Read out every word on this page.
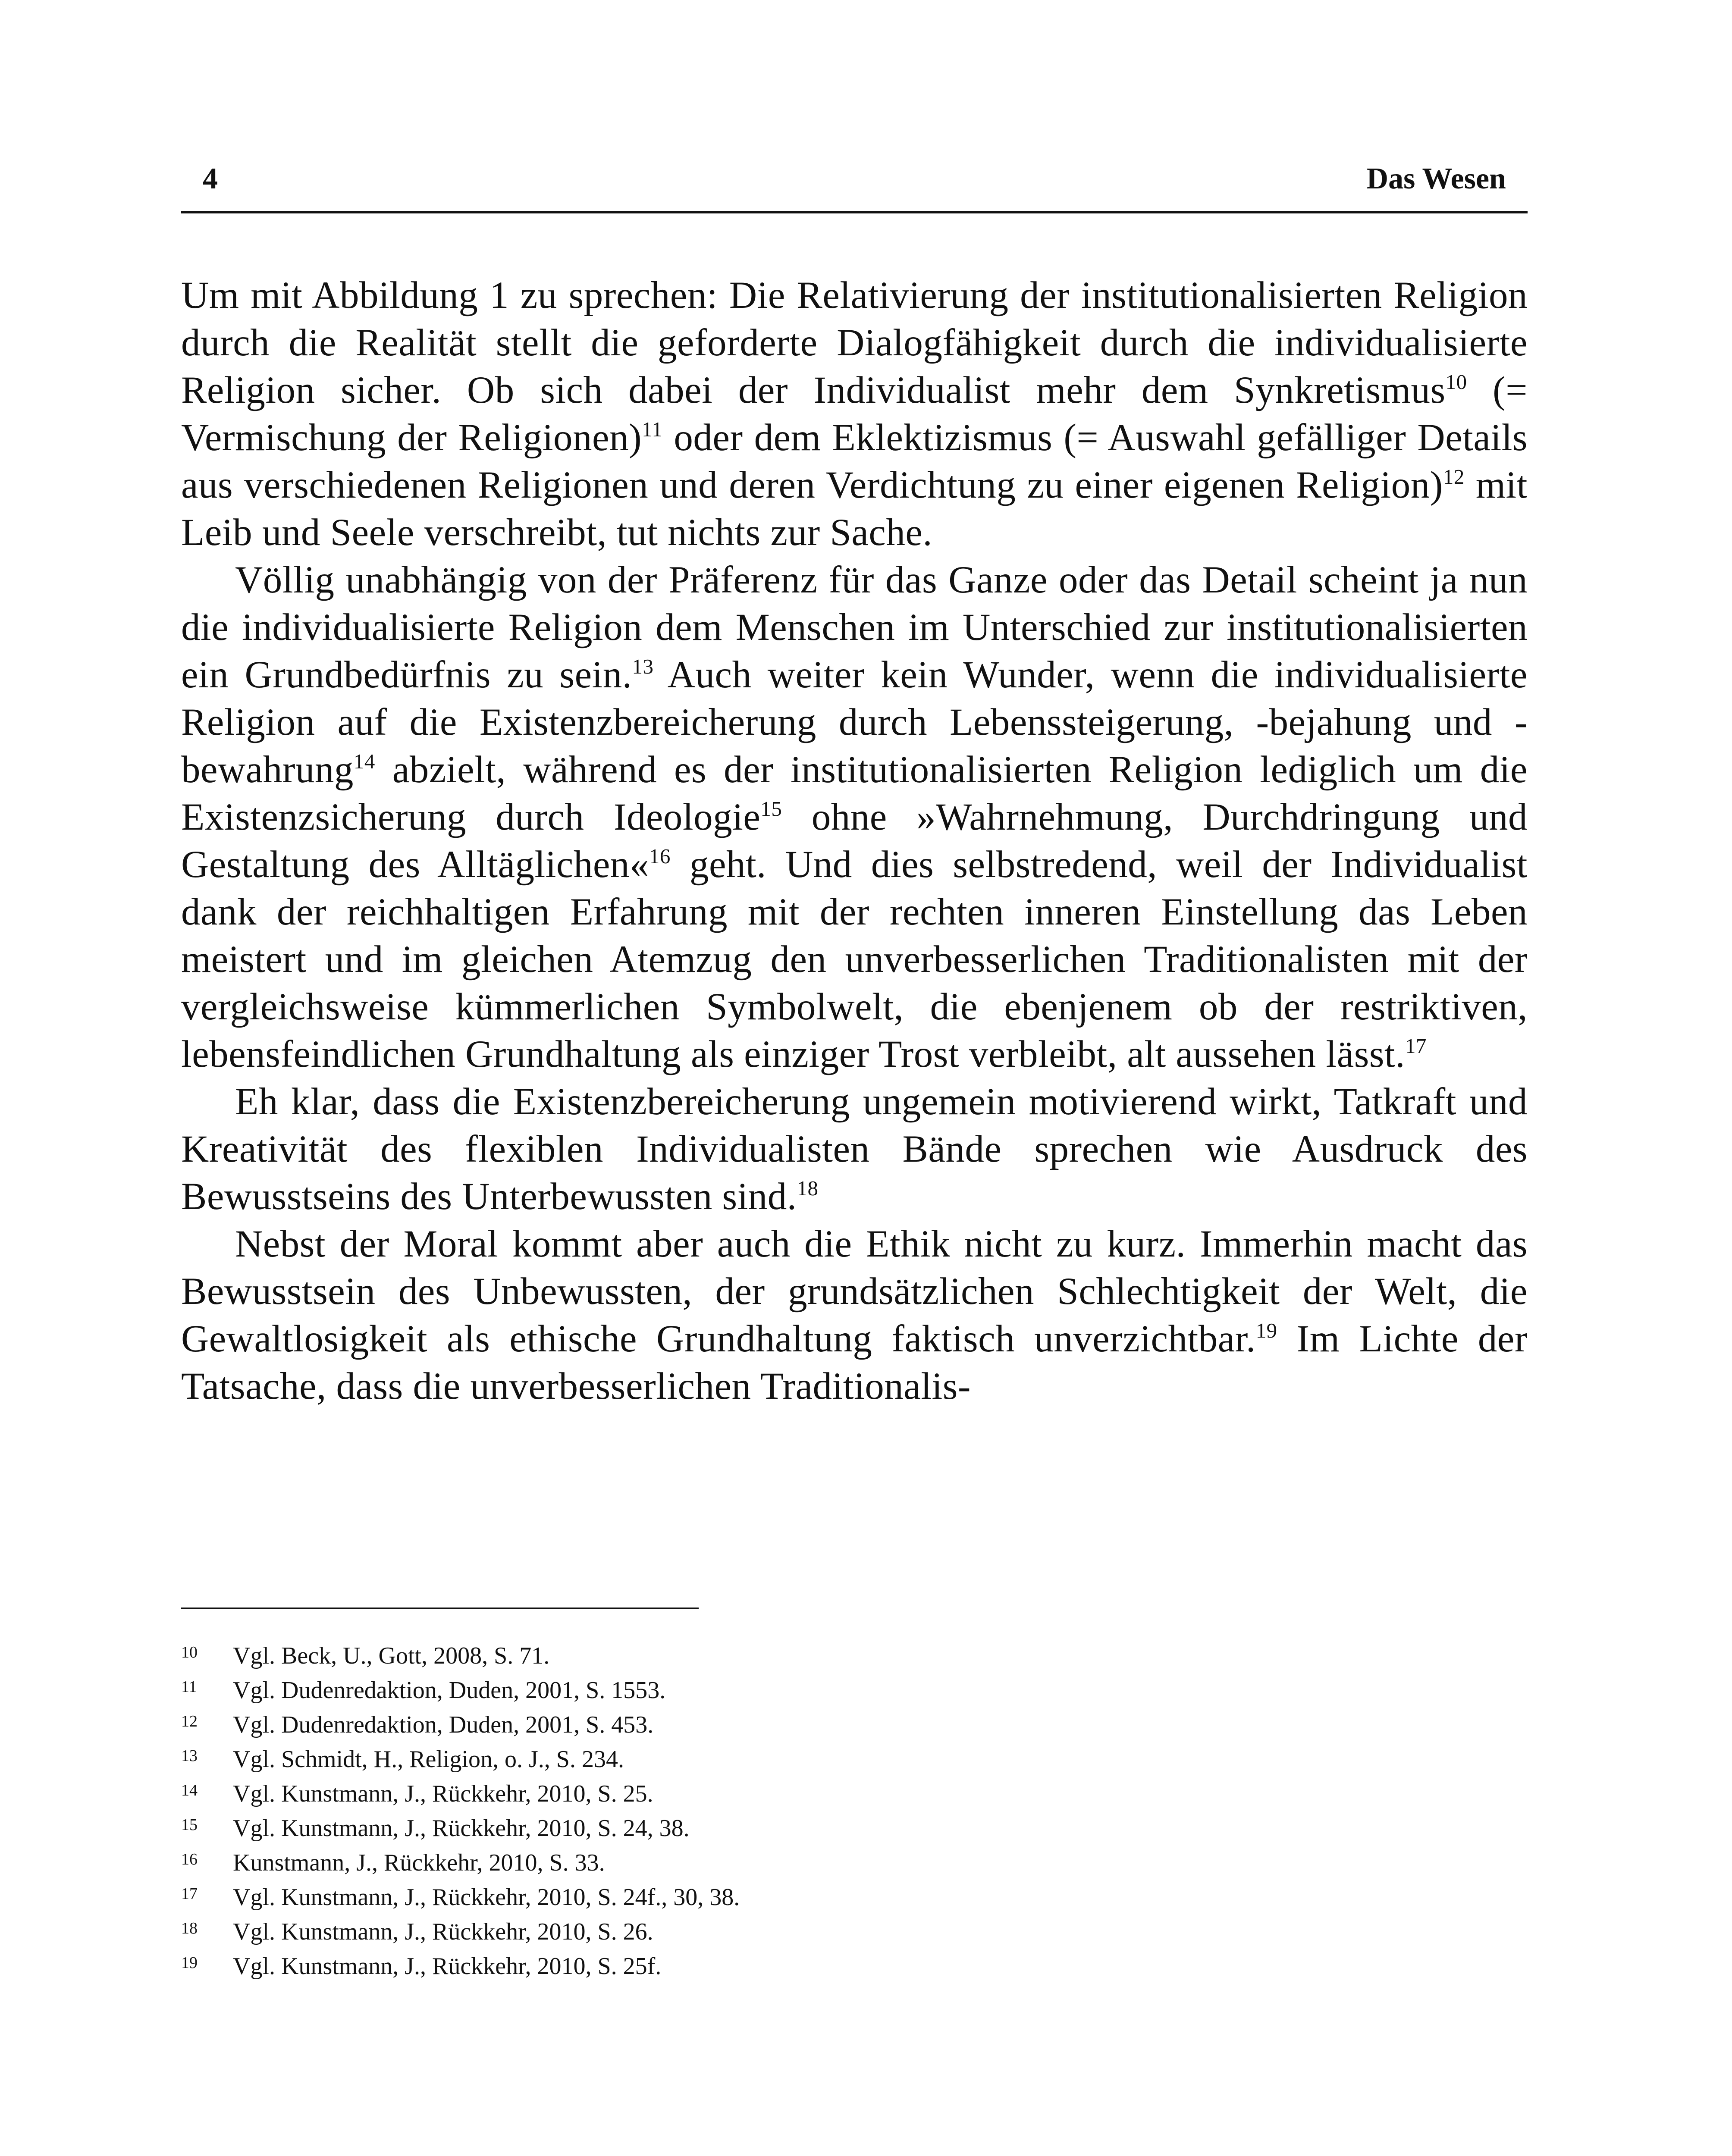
4	Das Wesen

Um mit Abbildung 1 zu sprechen: Die Relativierung der institutionalisierten Religion durch die Realität stellt die geforderte Dialogfähigkeit durch die individualisierte Religion sicher. Ob sich dabei der Individualist mehr dem Synkretismus$^{10}$ (= Vermischung der Religionen)$^{11}$ oder dem Eklektizismus (= Auswahl gefälliger Details aus verschiedenen Religionen und deren Verdichtung zu einer eigenen Religion)$^{12}$ mit Leib und Seele verschreibt, tut nichts zur Sache.

Völlig unabhängig von der Präferenz für das Ganze oder das Detail scheint ja nun die individualisierte Religion dem Menschen im Unterschied zur institutionalisierten ein Grundbedürfnis zu sein.$^{13}$ Auch weiter kein Wunder, wenn die individualisierte Religion auf die Existenzbereicherung durch Lebenssteigerung, -bejahung und -bewahrung$^{14}$ abzielt, während es der institutionalisierten Religion lediglich um die Existenzsicherung durch Ideologie$^{15}$ ohne »Wahrnehmung, Durchdringung und Gestaltung des Alltäglichen«$^{16}$ geht. Und dies selbstredend, weil der Individualist dank der reichhaltigen Erfahrung mit der rechten inneren Einstellung das Leben meistert und im gleichen Atemzug den unverbesserlichen Traditionalisten mit der vergleichsweise kümmerlichen Symbolwelt, die ebenjenem ob der restriktiven, lebensfeindlichen Grundhaltung als einziger Trost verbleibt, alt aussehen lässt.$^{17}$

Eh klar, dass die Existenzbereicherung ungemein motivierend wirkt, Tatkraft und Kreativität des flexiblen Individualisten Bände sprechen wie Ausdruck des Bewusstseins des Unterbewussten sind.$^{18}$

Nebst der Moral kommt aber auch die Ethik nicht zu kurz. Immerhin macht das Bewusstsein des Unbewussten, der grundsätzlichen Schlechtigkeit der Welt, die Gewaltlosigkeit als ethische Grundhaltung faktisch unverzichtbar.$^{19}$ Im Lichte der Tatsache, dass die unverbesserlichen Traditionalis-

10	Vgl. Beck, U., Gott, 2008, S. 71.
11	Vgl. Dudenredaktion, Duden, 2001, S. 1553.
12	Vgl. Dudenredaktion, Duden, 2001, S. 453.
13	Vgl. Schmidt, H., Religion, o. J., S. 234.
14	Vgl. Kunstmann, J., Rückkehr, 2010, S. 25.
15	Vgl. Kunstmann, J., Rückkehr, 2010, S. 24, 38.
16	Kunstmann, J., Rückkehr, 2010, S. 33.
17	Vgl. Kunstmann, J., Rückkehr, 2010, S. 24f., 30, 38.
18	Vgl. Kunstmann, J., Rückkehr, 2010, S. 26.
19	Vgl. Kunstmann, J., Rückkehr, 2010, S. 25f.
